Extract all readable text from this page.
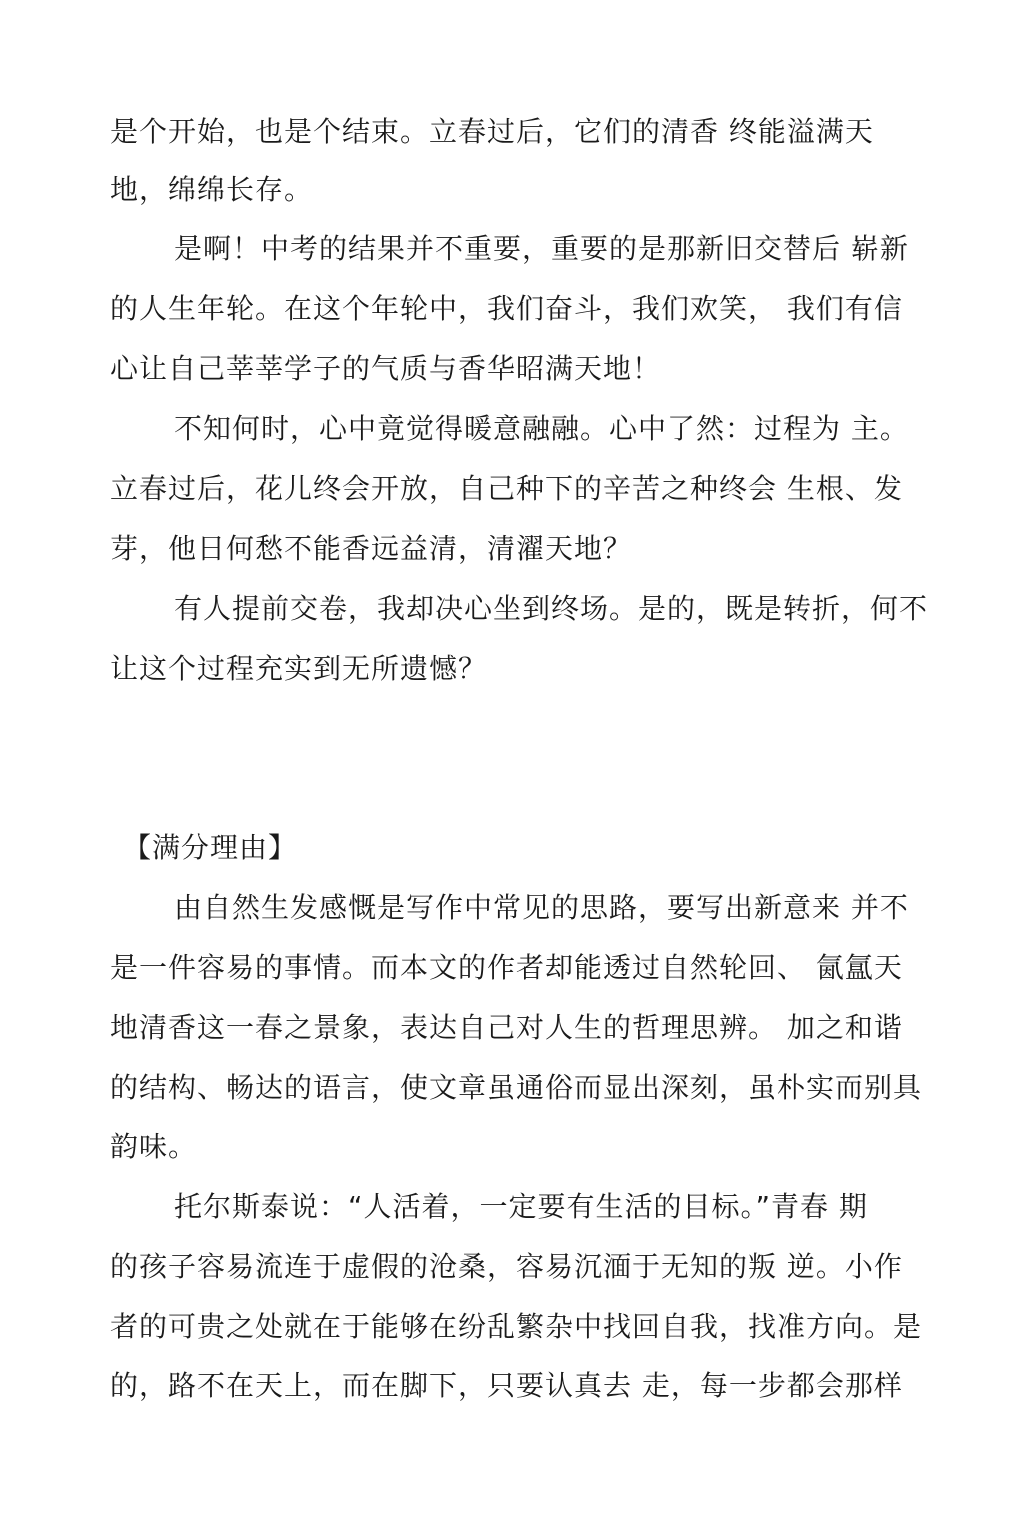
是个开始，也是个结束。立春过后，它们的清香 终能溢满天
地，绵绵长存。
是啊！中考的结果并不重要，重要的是那新旧交替后 崭新
的人生年轮。在这个年轮中，我们奋斗，我们欢笑， 我们有信
心让自己莘莘学子的气质与香华昭满天地！
不知何时，心中竟觉得暖意融融。心中了然：过程为 主。
立春过后，花儿终会开放，自己种下的辛苦之种终会 生根、发
芽，他日何愁不能香远益清，清濯天地？
有人提前交卷，我却决心坐到终场。是的，既是转折，何不
让这个过程充实到无所遗憾？
【满分理由】
由自然生发感慨是写作中常见的思路，要写出新意来 并不
是一件容易的事情。而本文的作者却能透过自然轮回、 氤氲天
地清香这一春之景象，表达自己对人生的哲理思辨。 加之和谐
的结构、畅达的语言，使文章虽通俗而显出深刻，虽朴实而别具
韵味。
托尔斯泰说：“人活着，一定要有生活的目标。”青春 期
的孩子容易流连于虚假的沧桑，容易沉湎于无知的叛 逆。小作
者的可贵之处就在于能够在纷乱繁杂中找回自我，找准方向。是
的，路不在天上，而在脚下，只要认真去 走，每一步都会那样
